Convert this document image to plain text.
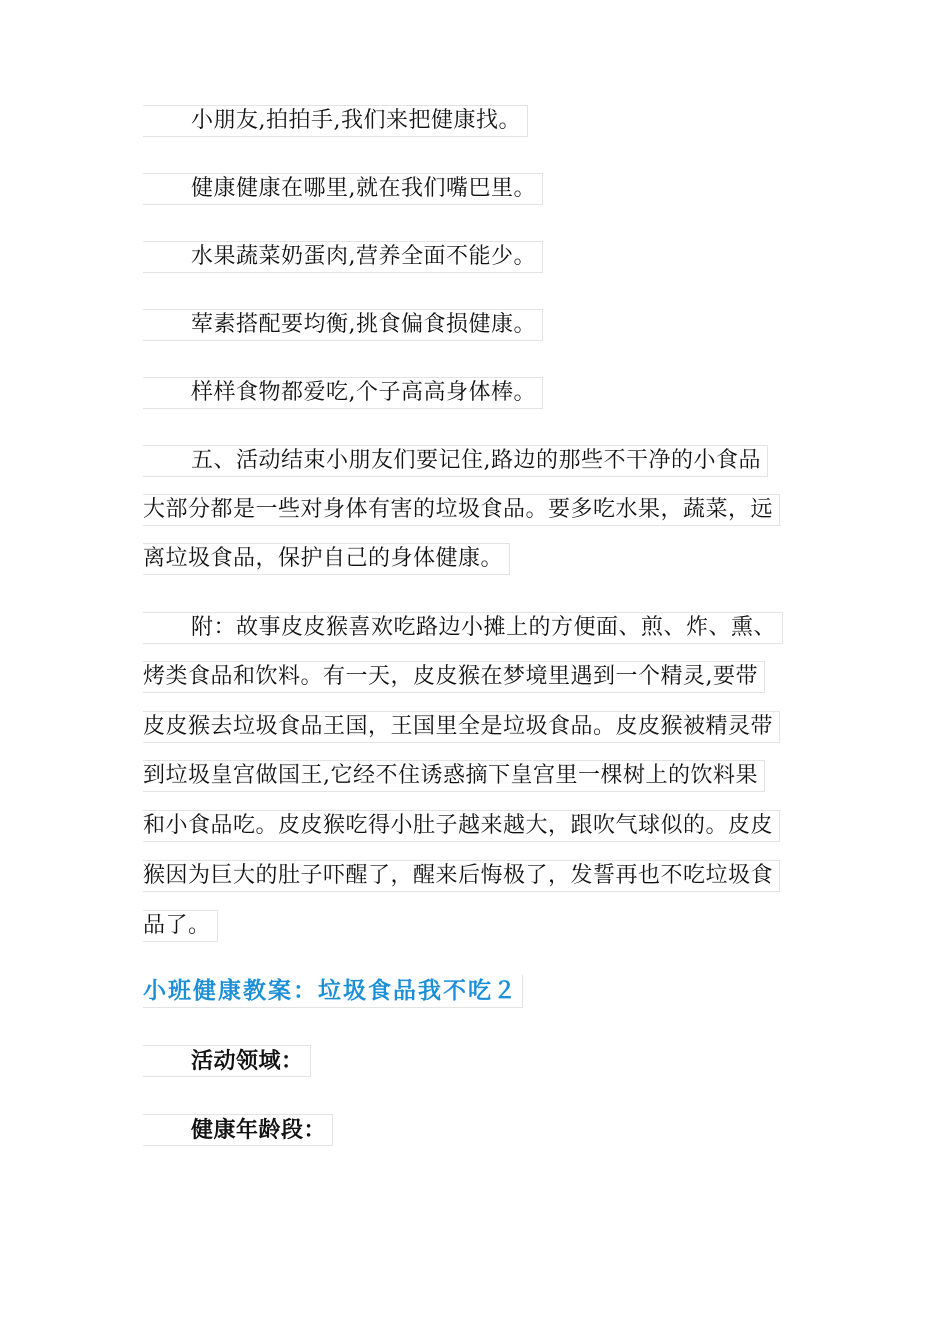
小朋友,拍拍手,我们来把健康找。
健康健康在哪里,就在我们嘴巴里。
水果蔬菜奶蛋肉,营养全面不能少。
荤素搭配要均衡,挑食偏食损健康。
样样食物都爱吃,个子高高身体棒。
五、活动结束小朋友们要记住,路边的那些不干净的小食品
大部分都是一些对身体有害的垃圾食品。要多吃水果，蔬菜，远
离垃圾食品，保护自己的身体健康。
附：故事皮皮猴喜欢吃路边小摊上的方便面、煎、炸、熏、
烤类食品和饮料。有一天，皮皮猴在梦境里遇到一个精灵,要带
皮皮猴去垃圾食品王国，王国里全是垃圾食品。皮皮猴被精灵带
到垃圾皇宫做国王,它经不住诱惑摘下皇宫里一棵树上的饮料果
和小食品吃。皮皮猴吃得小肚子越来越大，跟吹气球似的。皮皮
猴因为巨大的肚子吓醒了，醒来后悔极了，发誓再也不吃垃圾食
品了。
小班健康教案：垃圾食品我不吃２
活动领域：
健康年龄段：
